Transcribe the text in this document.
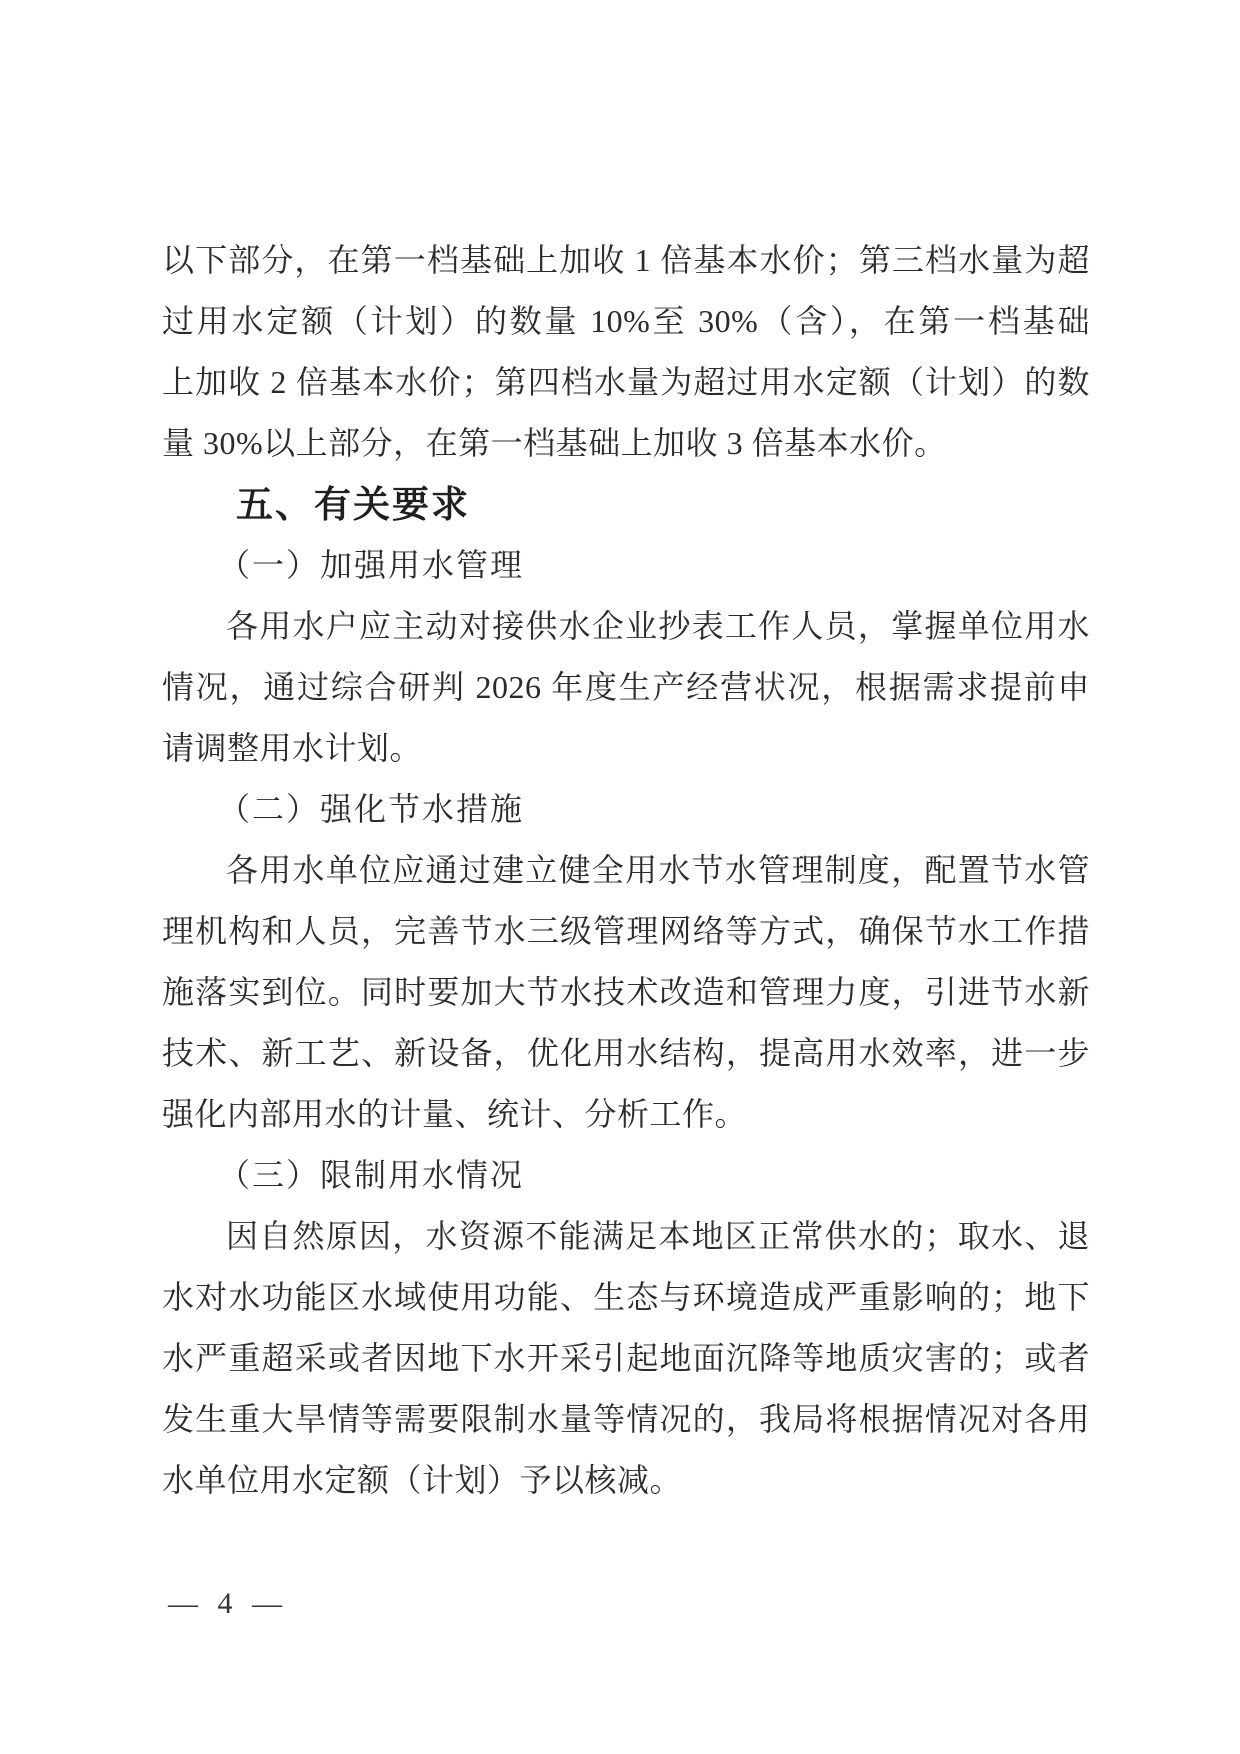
以下部分，在第一档基础上加收 1 倍基本水价；第三档水量为超
过用水定额（计划）的数量 10%至 30%（含），在第一档基础
上加收 2 倍基本水价；第四档水量为超过用水定额（计划）的数
量 30%以上部分，在第一档基础上加收 3 倍基本水价。
五、有关要求
（一）加强用水管理
各用水户应主动对接供水企业抄表工作人员，掌握单位用水
情况，通过综合研判 2026 年度生产经营状况，根据需求提前申
请调整用水计划。
（二）强化节水措施
各用水单位应通过建立健全用水节水管理制度，配置节水管
理机构和人员，完善节水三级管理网络等方式，确保节水工作措
施落实到位。同时要加大节水技术改造和管理力度，引进节水新
技术、新工艺、新设备，优化用水结构，提高用水效率，进一步
强化内部用水的计量、统计、分析工作。
（三）限制用水情况
因自然原因，水资源不能满足本地区正常供水的；取水、退
水对水功能区水域使用功能、生态与环境造成严重影响的；地下
水严重超采或者因地下水开采引起地面沉降等地质灾害的；或者
发生重大旱情等需要限制水量等情况的，我局将根据情况对各用
水单位用水定额（计划）予以核减。
— 4 —
